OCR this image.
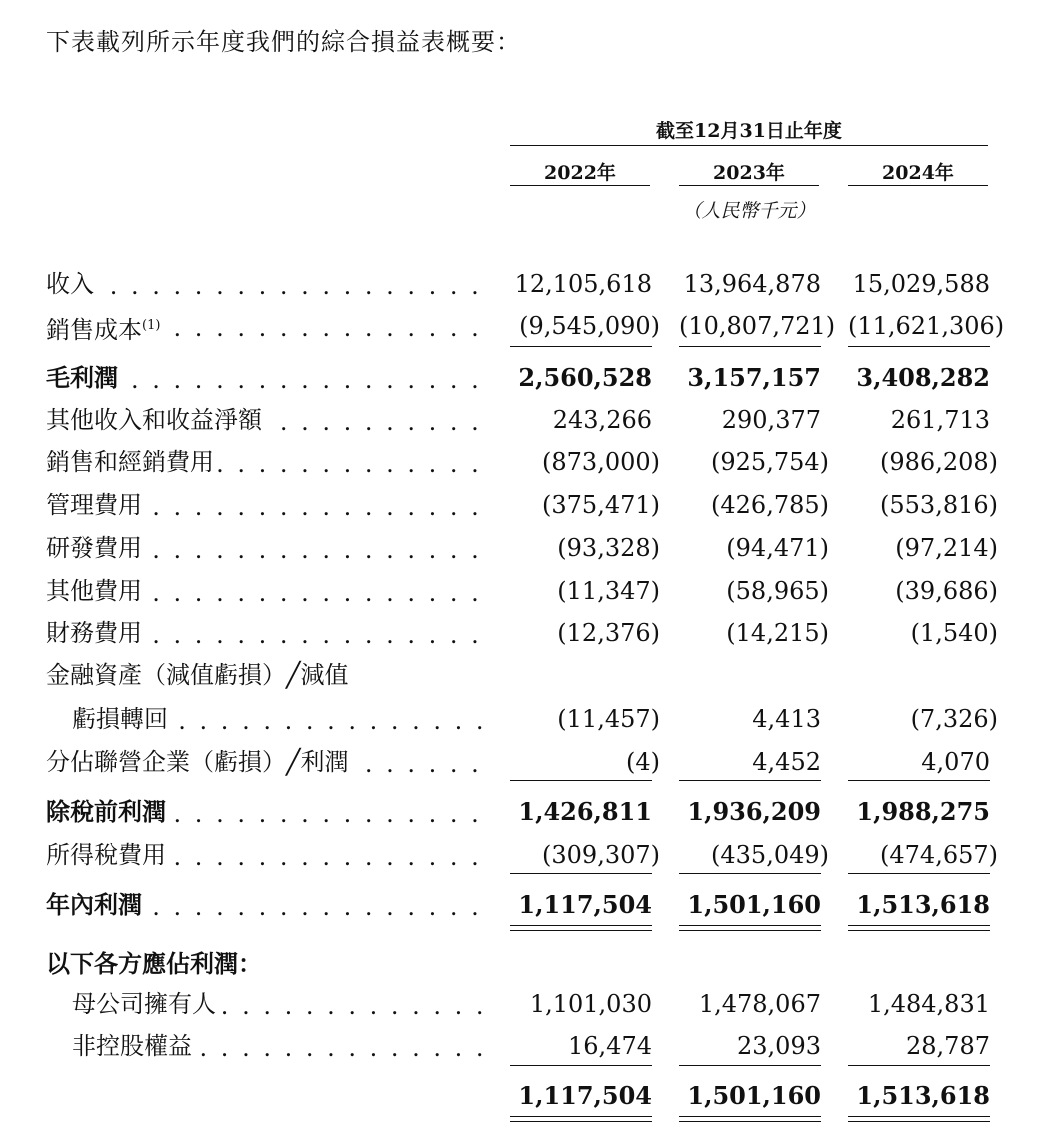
下表載列所示年度我們的綜合損益表概要：
截至12月31日止年度
2022年	2023年	2024年
（人民幣千元）
收入 . . .	12,105,618 13,964,878 15,029,588
銷售成本$^{(1)}$ . . .	(9,545,090) (10,807,721) (11,621,306)
毛利潤 . . .	2,560,528	3,157,157	3,408,282
其他收入和收益淨額 . . .	243,266	290,377	261,713
銷售和經銷費用 . . .	(873,000)	(925,754)	(986,208)
管理費用 . . .	(375,471)	(426,785)	(553,816)
研發費用 . . .	(93,328)	(94,471)	(97,214)
其他費用 . . .	(11,347)	(58,965)	(39,686)
財務費用 . . .	(12,376)	(14,215)	(1,540)
金融資產（減值虧損）╱減值
虧損轉回 . . .	(11,457)	4,413	(7,326)
分佔聯營企業（虧損）╱利潤 . . .	(4)	4,452	4,070
除稅前利潤 . . .	1,426,811	1,936,209	1,988,275
所得稅費用 . . .	(309,307)	(435,049)	(474,657)
年內利潤 . . .	1,117,504	1,501,160	1,513,618
以下各方應佔利潤：
母公司擁有人 . . .	1,101,030	1,478,067	1,484,831
非控股權益 . . .	16,474	23,093	28,787
1,117,504	1,501,160	1,513,618
